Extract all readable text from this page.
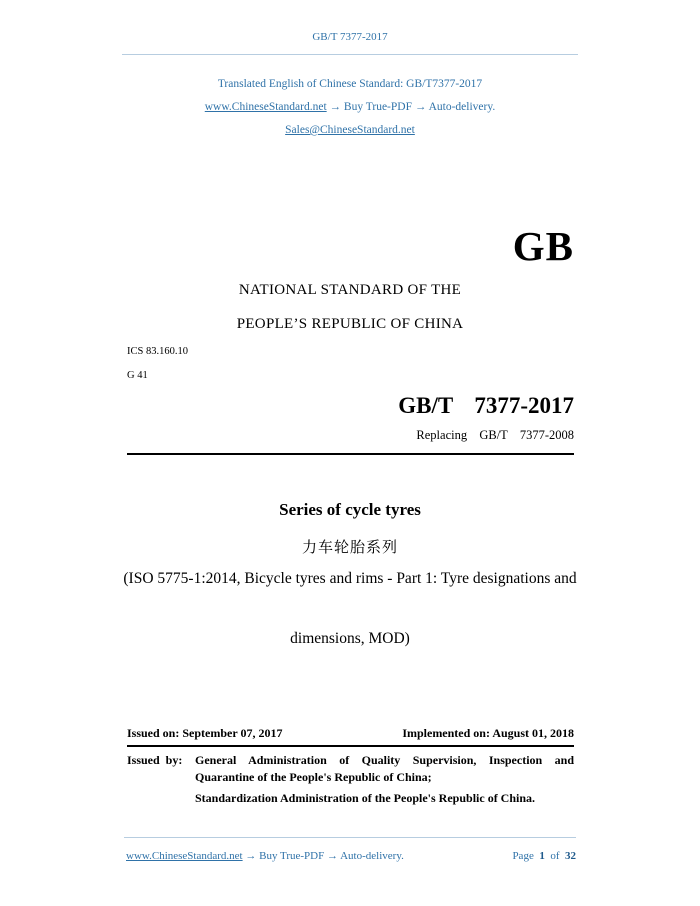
GB/T 7377-2017
Translated English of Chinese Standard: GB/T7377-2017
www.ChineseStandard.net → Buy True-PDF → Auto-delivery.
Sales@ChineseStandard.net
GB
NATIONAL STANDARD OF THE
PEOPLE’S REPUBLIC OF CHINA
ICS 83.160.10
G 41
GB/T  7377-2017
Replacing  GB/T  7377-2008
Series of cycle tyres
力车轮胎系列
(ISO 5775-1:2014, Bicycle tyres and rims - Part 1: Tyre designations and
dimensions, MOD)
Issued on: September 07, 2017	Implemented on: August 01, 2018
Issued  by: General Administration of Quality Supervision, Inspection and
Quarantine of the People's Republic of China;
Standardization Administration of the People's Republic of China.
www.ChineseStandard.net → Buy True-PDF → Auto-delivery.	Page 1 of 32
